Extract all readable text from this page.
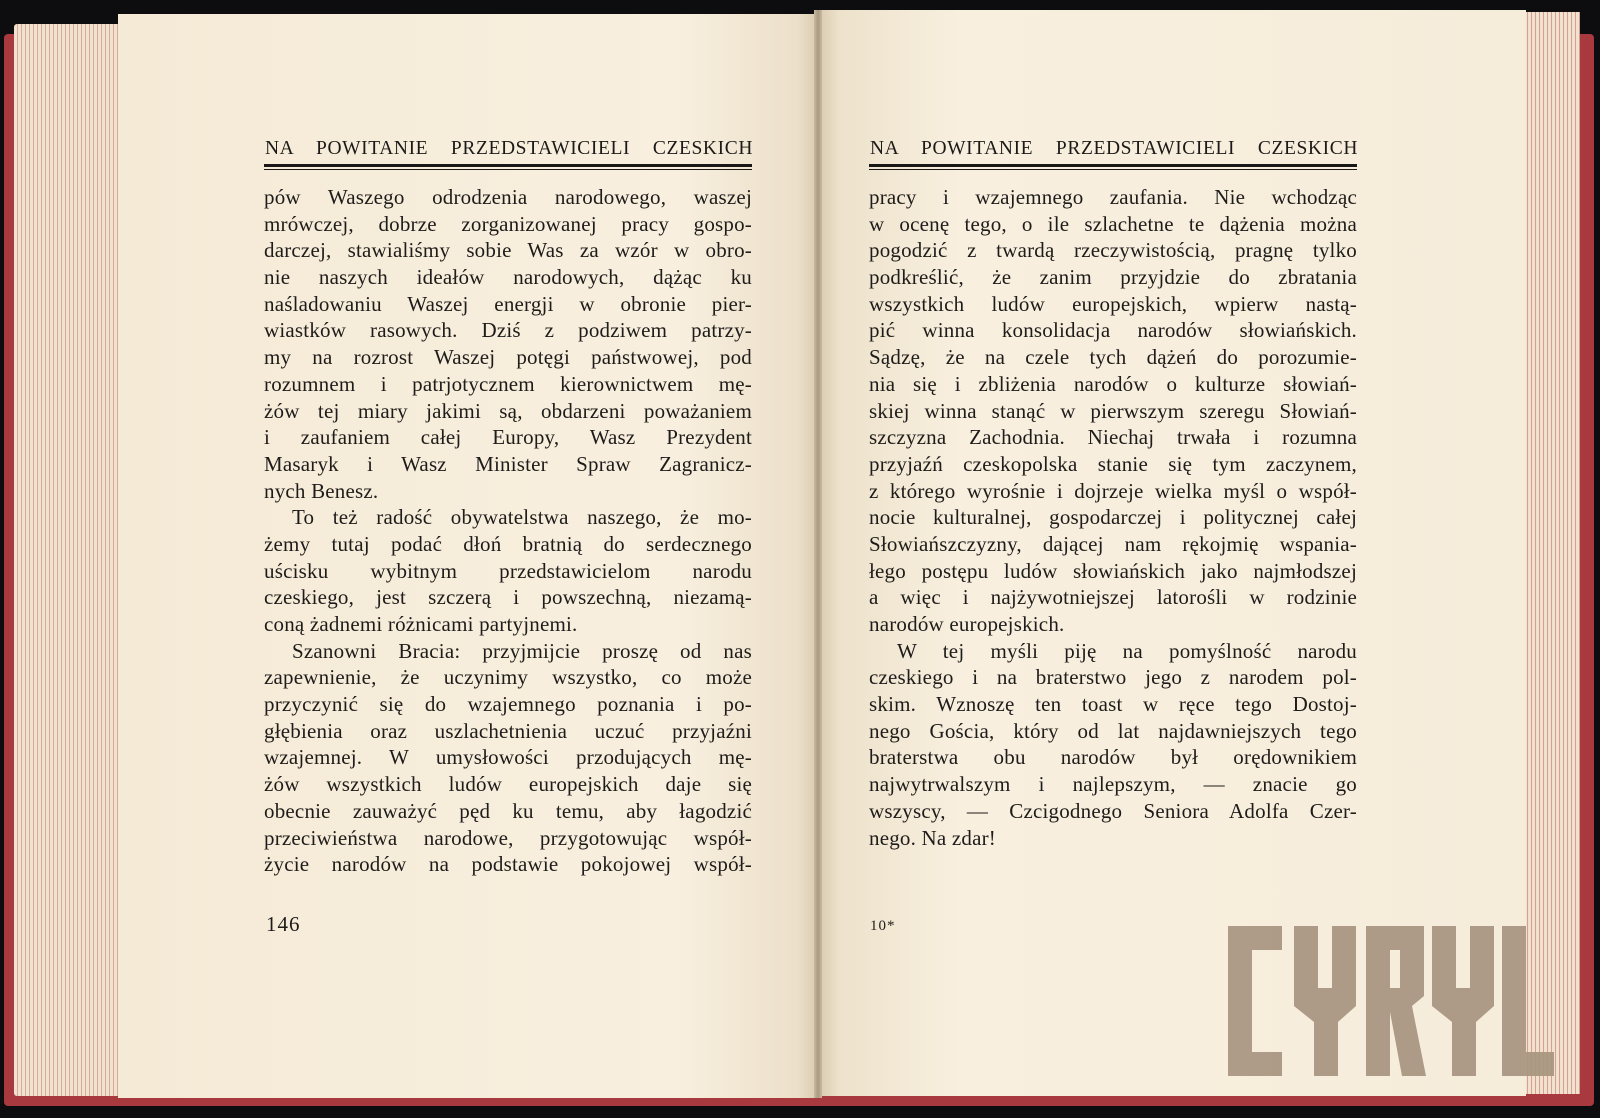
NA POWITANIE PRZEDSTAWICIELI CZESKICH
pów Waszego odrodzenia narodowego, waszej
mrówczej, dobrze zorganizowanej pracy gospo-
darczej, stawialiśmy sobie Was za wzór w obro-
nie naszych ideałów narodowych, dążąc ku
naśladowaniu Waszej energji w obronie pier-
wiastków rasowych. Dziś z podziwem patrzy-
my na rozrost Waszej potęgi państwowej, pod
rozumnem i patrjotycznem kierownictwem mę-
żów tej miary jakimi są, obdarzeni poważaniem
i zaufaniem całej Europy, Wasz Prezydent
Masaryk i Wasz Minister Spraw Zagranicz-
nych Benesz.
To też radość obywatelstwa naszego, że mo-
żemy tutaj podać dłoń bratnią do serdecznego
uścisku wybitnym przedstawicielom narodu
czeskiego, jest szczerą i powszechną, niezamą-
coną żadnemi różnicami partyjnemi.
Szanowni Bracia: przyjmijcie proszę od nas
zapewnienie, że uczynimy wszystko, co może
przyczynić się do wzajemnego poznania i po-
głębienia oraz uszlachetnienia uczuć przyjaźni
wzajemnej. W umysłowości przodujących mę-
żów wszystkich ludów europejskich daje się
obecnie zauważyć pęd ku temu, aby łagodzić
przeciwieństwa narodowe, przygotowując współ-
życie narodów na podstawie pokojowej współ-
146
NA POWITANIE PRZEDSTAWICIELI CZESKICH
pracy i wzajemnego zaufania. Nie wchodząc
w ocenę tego, o ile szlachetne te dążenia można
pogodzić z twardą rzeczywistością, pragnę tylko
podkreślić, że zanim przyjdzie do zbratania
wszystkich ludów europejskich, wpierw nastą-
pić winna konsolidacja narodów słowiańskich.
Sądzę, że na czele tych dążeń do porozumie-
nia się i zbliżenia narodów o kulturze słowiań-
skiej winna stanąć w pierwszym szeregu Słowiań-
szczyzna Zachodnia. Niechaj trwała i rozumna
przyjaźń czeskopolska stanie się tym zaczynem,
z którego wyrośnie i dojrzeje wielka myśl o współ-
nocie kulturalnej, gospodarczej i politycznej całej
Słowiańszczyzny, dającej nam rękojmię wspania-
łego postępu ludów słowiańskich jako najmłodszej
a więc i najżywotniejszej latorośli w rodzinie
narodów europejskich.
W tej myśli piję na pomyślność narodu
czeskiego i na braterstwo jego z narodem pol-
skim. Wznoszę ten toast w ręce tego Dostoj-
nego Gościa, który od lat najdawniejszych tego
braterstwa obu narodów był orędownikiem
najwytrwalszym i najlepszym, — znacie go
wszyscy, — Czcigodnego Seniora Adolfa Czer-
nego. Na zdar!
10*
